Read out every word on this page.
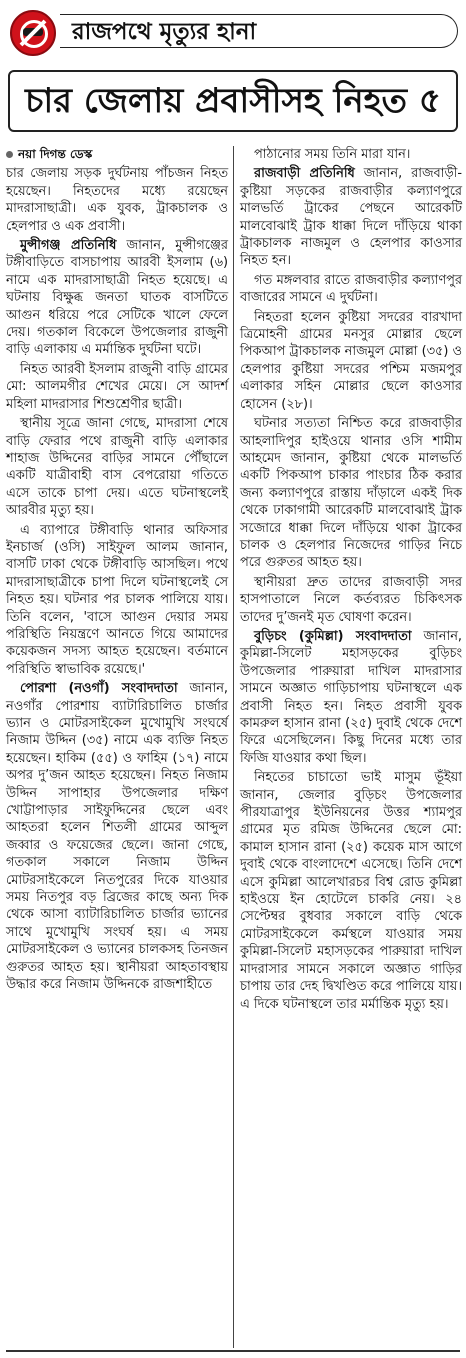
রাজপথে মৃত্যুর হানা
চার জেলায় প্রবাসীসহ নিহত ৫
নয়া দিগন্ত ডেস্ক

চার জেলায় সড়ক দুর্ঘটনায় পাঁচজন নিহত হয়েছেন। নিহতদের মধ্যে রয়েছেন মাদরাসাছাত্রী। এক যুবক, ট্রাকচালক ও হেলপার ও এক প্রবাসী।

মুন্সীগঞ্জ প্রতিনিধি জানান, মুন্সীগঞ্জের টঙ্গীবাড়িতে বাসচাপায় আরবী ইসলাম (৬) নামে এক মাদরাসাছাত্রী নিহত হয়েছে। এ ঘটনায় বিক্ষুব্ধ জনতা ঘাতক বাসটিতে আগুন ধরিয়ে পরে সেটিকে খালে ফেলে দেয়। গতকাল বিকেলে উপজেলার রাজুনী বাড়ি এলাকায় এ মর্মান্তিক দুর্ঘটনা ঘটে।

নিহত আরবী ইসলাম রাজুনী বাড়ি গ্রামের মো: আলমগীর শেখের মেয়ে। সে আদর্শ মহিলা মাদরাসার শিশুশ্রেণীর ছাত্রী।

স্থানীয় সূত্রে জানা গেছে, মাদরাসা শেষে বাড়ি ফেরার পথে রাজুনী বাড়ি এলাকার শাহাজ উদ্দিনের বাড়ির সামনে পৌঁছালে একটি যাত্রীবাহী বাস বেপরোয়া গতিতে এসে তাকে চাপা দেয়। এতে ঘটনাস্থলেই আরবীর মৃত্যু হয়।

এ ব্যাপারে টঙ্গীবাড়ি থানার অফিসার ইনচার্জ (ওসি) সাইফুল আলম জানান, বাসটি ঢাকা থেকে টঙ্গীবাড়ি আসছিল। পথে মাদরাসাছাত্রীকে চাপা দিলে ঘটনাস্থলেই সে নিহত হয়। ঘটনার পর চালক পালিয়ে যায়। তিনি বলেন, 'বাসে আগুন দেয়ার সময় পরিস্থিতি নিয়ন্ত্রণে আনতে গিয়ে আমাদের কয়েকজন সদস্য আহত হয়েছেন। বর্তমানে পরিস্থিতি স্বাভাবিক রয়েছে।'

পোরশা (নওগাঁ) সংবাদদাতা জানান, নওগাঁর পোরশায় ব্যাটারিচালিত চার্জার ভ্যান ও মোটরসাইকেল মুখোমুখি সংঘর্ষে নিজাম উদ্দিন (৩৫) নামে এক ব্যক্তি নিহত হয়েছেন। হাকিম (৫৫) ও ফাহিম (১৭) নামে অপর দু’জন আহত হয়েছেন। নিহত নিজাম উদ্দিন সাপাহার উপজেলার দক্ষিণ খোট্টাপাড়ার সাইফুদ্দিনের ছেলে এবং আহতরা হলেন শিতলী গ্রামের আব্দুল জব্বার ও ফয়েজের ছেলে। জানা গেছে, গতকাল সকালে নিজাম উদ্দিন মোটরসাইকেলে নিতপুরের দিকে যাওয়ার সময় নিতপুর বড় ব্রিজের কাছে অন্য দিক থেকে আসা ব্যাটারিচালিত চার্জার ভ্যানের সাথে মুখোমুখি সংঘর্ষ হয়। এ সময় মোটরসাইকেল ও ভ্যানের চালকসহ তিনজন গুরুতর আহত হয়। স্থানীয়রা আহতাবস্থায় উদ্ধার করে নিজাম উদ্দিনকে রাজশাহীতে

পাঠানোর সময় তিনি মারা যান।

রাজবাড়ী প্রতিনিধি জানান, রাজবাড়ী-কুষ্টিয়া সড়কের রাজবাড়ীর কল্যাণপুরে মালভর্তি ট্রাকের পেছনে আরেকটি মালবোঝাই ট্রাক ধাক্কা দিলে দাঁড়িয়ে থাকা ট্রাকচালক নাজমুল ও হেলপার কাওসার নিহত হন।

গত মঙ্গলবার রাতে রাজবাড়ীর কল্যাণপুর বাজারের সামনে এ দুর্ঘটনা।

নিহতরা হলেন কুষ্টিয়া সদরের বারখাদা ত্রিমোহনী গ্রামের মনসুর মোল্লার ছেলে পিকআপ ট্রাকচালক নাজমুল মোল্লা (৩৫) ও হেলপার কুষ্টিয়া সদরের পশ্চিম মজমপুর এলাকার সহিন মোল্লার ছেলে কাওসার হোসেন (২৮)।

ঘটনার সত্যতা নিশ্চিত করে রাজবাড়ীর আহলাদিপুর হাইওয়ে থানার ওসি শামীম আহমেদ জানান, কুষ্টিয়া থেকে মালভর্তি একটি পিকআপ চাকার পাংচার ঠিক করার জন্য কল্যাণপুরে রাস্তায় দাঁড়ালে একই দিক থেকে ঢাকাগামী আরেকটি মালবোঝাই ট্রাক সজোরে ধাক্কা দিলে দাঁড়িয়ে থাকা ট্রাকের চালক ও হেলপার নিজেদের গাড়ির নিচে পরে গুরুতর আহত হয়।

স্থানীয়রা দ্রুত তাদের রাজবাড়ী সদর হাসপাতালে নিলে কর্তব্যরত চিকিৎসক তাদের দু’জনই মৃত ঘোষণা করেন।

বুড়িচং (কুমিল্লা) সংবাদদাতা জানান, কুমিল্লা-সিলেট মহাসড়কের বুড়িচং উপজেলার পারুয়ারা দাখিল মাদরাসার সামনে অজ্ঞাত গাড়িচাপায় ঘটনাস্থলে এক প্রবাসী নিহত হন। নিহত প্রবাসী যুবক কামরুল হাসান রানা (২৫) দুবাই থেকে দেশে ফিরে এসেছিলেন। কিছু দিনের মধ্যে তার ফিজি যাওয়ার কথা ছিল।

নিহতের চাচাতো ভাই মাসুম ভূঁইয়া জানান, জেলার বুড়িচং উপজেলার পীরযাত্রাপুর ইউনিয়নের উত্তর শ্যামপুর গ্রামের মৃত রমিজ উদ্দিনের ছেলে মো: কামাল হাসান রানা (২৫) কয়েক মাস আগে দুবাই থেকে বাংলাদেশে এসেছে। তিনি দেশে এসে কুমিল্লা আলেখারচর বিশ্ব রোড কুমিল্লা হাইওয়ে ইন হোটেলে চাকরি নেয়। ২৪ সেপ্টেম্বর বুধবার সকালে বাড়ি থেকে মোটরসাইকেলে কর্মস্থলে যাওয়ার সময় কুমিল্লা-সিলেট মহাসড়কের পারুয়ারা দাখিল মাদরাসার সামনে সকালে অজ্ঞাত গাড়ির চাপায় তার দেহ দ্বিখণ্ডিত করে পালিয়ে যায়। এ দিকে ঘটনাস্থলে তার মর্মান্তিক মৃত্যু হয়।
